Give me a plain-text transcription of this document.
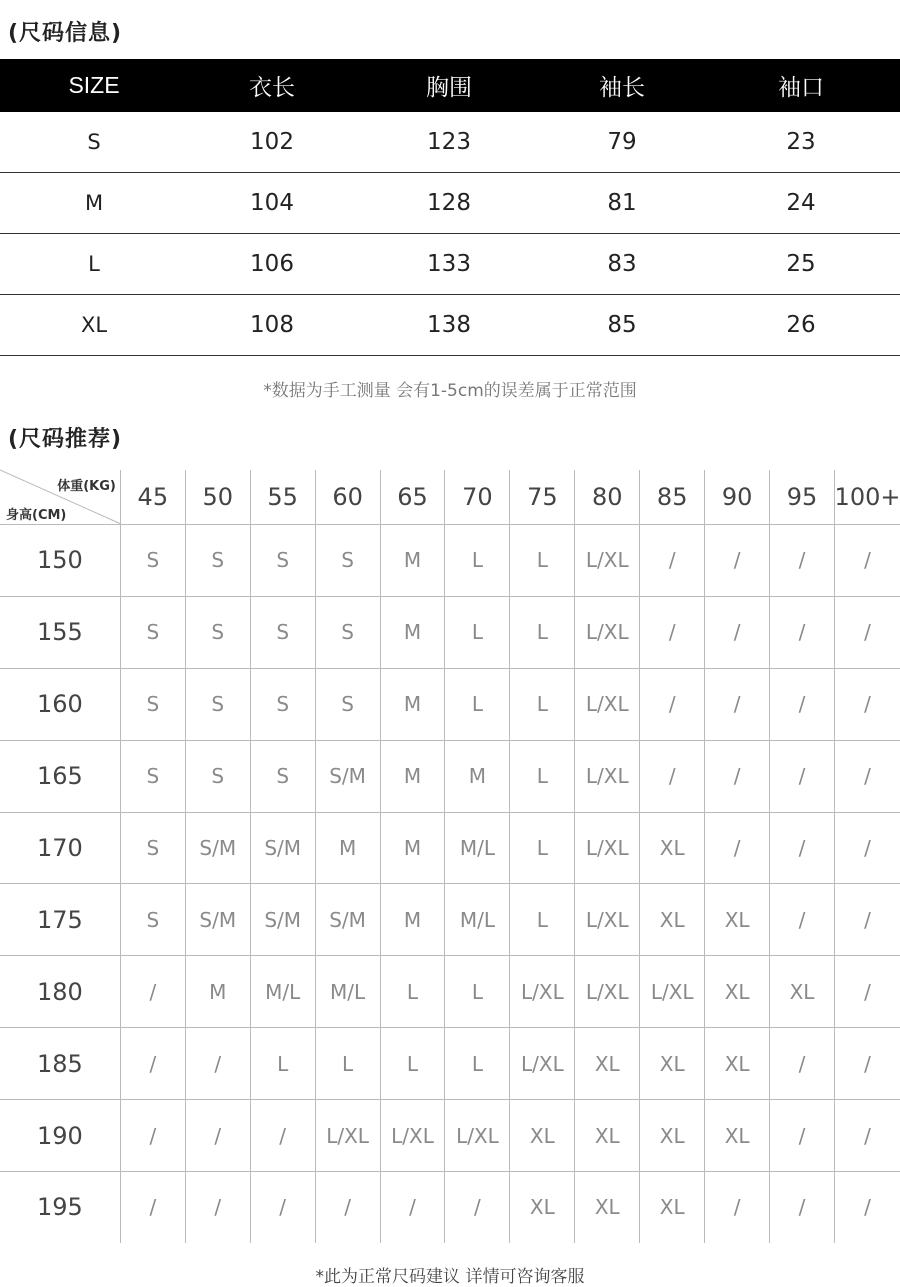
(尺码信息)
SIZE	衣长	胸围	袖长	袖口
S	102	123	79	23
M	104	128	81	24
L	106	133	83	25
XL	108	138	85	26
*数据为手工测量 会有1-5cm的误差属于正常范围
(尺码推荐)
体重(KG)
身高(CM)
45	50	55	60	65	70	75	80	85	90	95 100+
150	S	S	S	S	M	L	L	L/XL	/	/	/	/
155	S	S	S	S	M	L	L	L/XL	/	/	/	/
160	S	S	S	S	M	L	L	L/XL	/	/	/	/
165	S	S	S	S/M	M	M	L	L/XL	/	/	/	/
170	S	S/M	S/M	M	M	M/L	L	L/XL	XL	/	/	/
175	S	S/M	S/M	S/M	M	M/L	L	L/XL	XL	XL	/	/
180	/	M	M/L	M/L	L	L	L/XL	L/XL	L/XL	XL	XL	/
185	/	/	L	L	L	L	L/XL	XL	XL	XL	/	/
190	/	/	/	L/XL	L/XL	L/XL	XL	XL	XL	XL	/	/
195	/	/	/	/	/	/	XL	XL	XL	/	/	/
*此为正常尺码建议 详情可咨询客服
